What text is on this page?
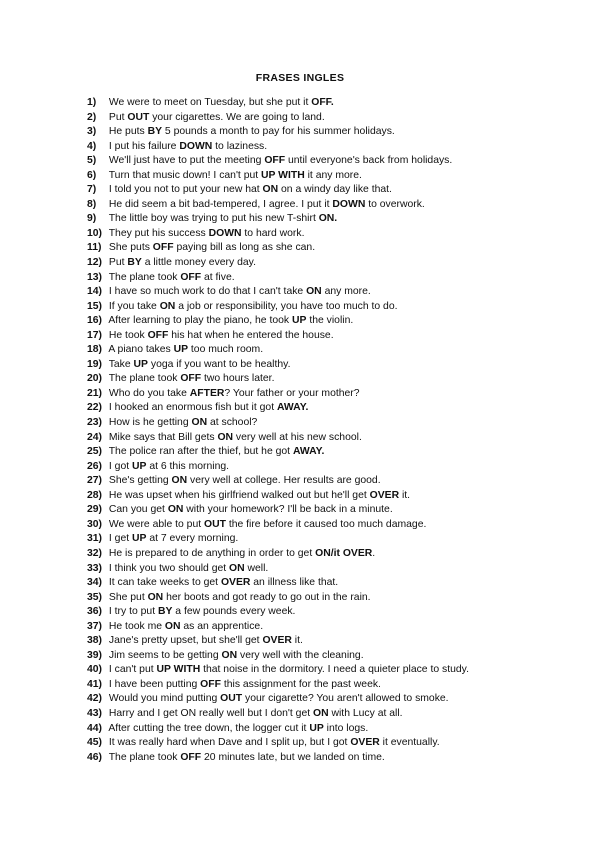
FRASES INGLES
1) We were to meet on Tuesday, but she put it OFF.
2) Put OUT your cigarettes. We are going to land.
3) He puts BY 5 pounds a month to pay for his summer holidays.
4) I put his failure DOWN to laziness.
5) We'll just have to put the meeting OFF until everyone's back from holidays.
6) Turn that music down! I can't put UP WITH it any more.
7) I told you not to put your new hat ON on a windy day like that.
8) He did seem a bit bad-tempered, I agree. I put it DOWN to overwork.
9) The little boy was trying to put his new T-shirt ON.
10) They put his success DOWN to hard work.
11) She puts OFF paying bill as long as she can.
12) Put BY a little money every day.
13) The plane took OFF at five.
14) I have so much work to do that I can't take ON any more.
15) If you take ON a job or responsibility, you have too much to do.
16) After learning to play the piano, he took UP the violin.
17) He took OFF his hat when he entered the house.
18) A piano takes UP too much room.
19) Take UP yoga if you want to be healthy.
20) The plane took OFF two hours later.
21) Who do you take AFTER? Your father or your mother?
22) I hooked an enormous fish but it got AWAY.
23) How is he getting ON at school?
24) Mike says that Bill gets ON very well at his new school.
25) The police ran after the thief, but he got AWAY.
26) I got UP at 6 this morning.
27) She's getting ON very well at college. Her results are good.
28) He was upset when his girlfriend walked out but he'll get OVER it.
29) Can you get ON with your homework? I'll be back in a minute.
30) We were able to put OUT the fire before it caused too much damage.
31) I get UP at 7 every morning.
32) He is prepared to de anything in order to get ON/it OVER.
33) I think you two should get ON well.
34) It can take weeks to get OVER an illness like that.
35) She put ON her boots and got ready to go out in the rain.
36) I try to put BY a few pounds every week.
37) He took me ON as an apprentice.
38) Jane's pretty upset, but she'll get OVER it.
39) Jim seems to be getting ON very well with the cleaning.
40) I can't put UP WITH that noise in the dormitory. I need a quieter place to study.
41) I have been putting OFF this assignment for the past week.
42) Would you mind putting OUT your cigarette? You aren't allowed to smoke.
43) Harry and I get ON really well but I don't get ON with Lucy at all.
44) After cutting the tree down, the logger cut it UP into logs.
45) It was really hard when Dave and I split up, but I got OVER it eventually.
46) The plane took OFF 20 minutes late, but we landed on time.
